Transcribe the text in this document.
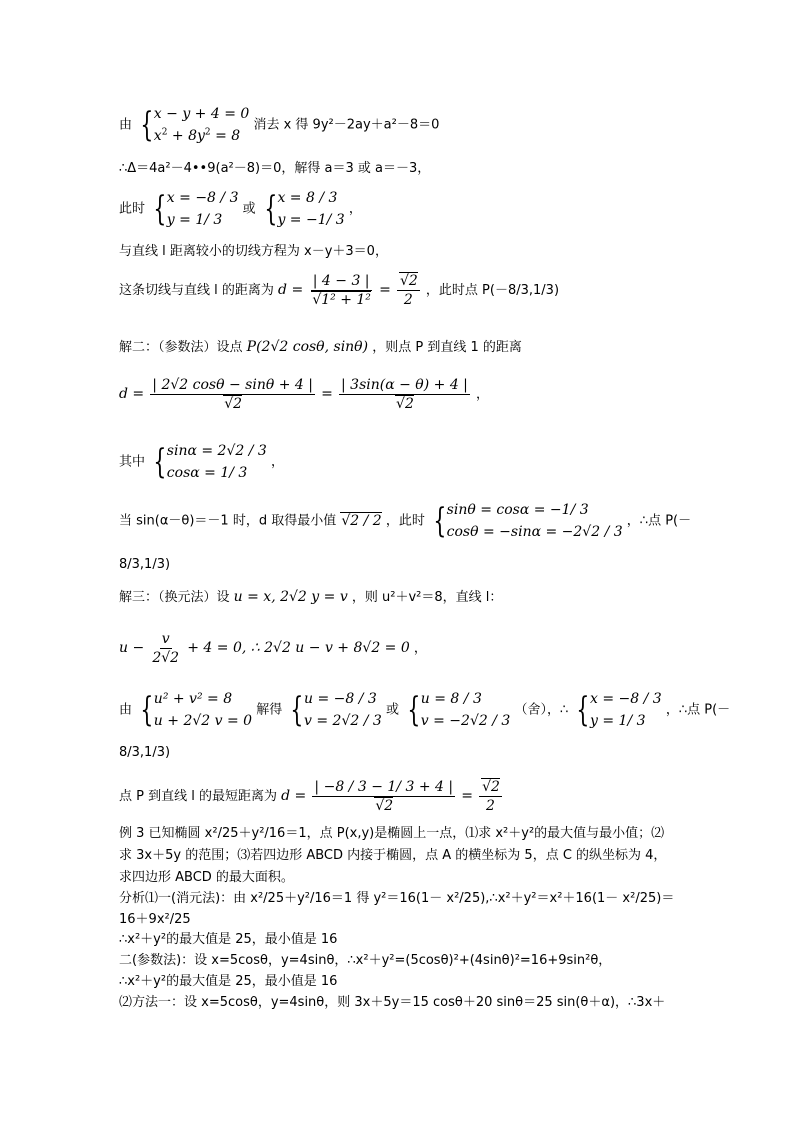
由 { x − y + 4 = 0
$x^2 + 8y^2 = 8$
消去 x 得 9y²－2ay＋a²－8＝0
∴Δ＝4a²－4••9(a²－8)＝0，解得 a＝3 或 a＝－3，
此时 { x = −8 / 3
y = 1/ 3
或 { x = 8 / 3
y = −1/ 3
，
与直线 l 距离较小的切线方程为 x－y＋3＝0，
这条切线与直线 l 的距离为 d = | 4 − 3 |
√ 1² + 1² = √ $\frac{2}{2}$ ，此时点 P(－8/3,1/3)
解二：（参数法）设点 P(2√2 cosθ, sinθ) ，则点 P 到直线 1 的距离
d = | 2√2 cosθ − sinθ + 4 |
√ 2 = | 3sin(α − θ) + 4 |
√ 2 ，
其中 { sinα = 2√2 / 3
cosα = 1/ 3
，
当 sin(α－θ)＝－1 时，d 取得最小值 √ 2 / 2 ，此时 { sinθ = cosα = −1/ 3
cosθ = −sinα = −2√2 / 3
，∴点 P(－
8/3,1/3)
解三：（换元法）设 u = x, 2√2 y = v ，则 u²＋v²＝8，直线 l：
$u - \frac{v}{2√2} + 4 = 0$, ∴ 2√2 u − v + 8√2 = 0 ，
由 { u² + v² = 8
u + 2√2 v = 0
解得 { u = −8 / 3
v = 2√2 / 3
或 { u = 8 / 3
v = −2√2 / 3
（舍），∴ { x = −8 / 3
y = 1/ 3
，∴点 P(－
8/3,1/3)
点 P 到直线 l 的最短距离为 d = | −8 / 3 − 1/ 3 + 4 |
√ 2 = √ $\frac{2}{2}$
例 3 已知椭圆 x²/25＋y²/16＝1，点 P(x,y)是椭圆上一点，⑴求 x²＋y²的最大值与最小值；⑵
求 3x＋5y 的范围；⑶若四边形 ABCD 内接于椭圆，点 A 的横坐标为 5，点 C 的纵坐标为 4，
求四边形 ABCD 的最大面积。
分析⑴一(消元法)：由 x²/25＋y²/16＝1 得 y²＝16(1－ x²/25),∴x²＋y²＝x²＋16(1－ x²/25)＝
16＋9x²/25
∴x²＋y²的最大值是 25，最小值是 16
二(参数法)：设 x=5cosθ，y=4sinθ，∴x²＋y²=(5cosθ)²+(4sinθ)²=16+9sin²θ，
∴x²＋y²的最大值是 25，最小值是 16
⑵方法一：设 x=5cosθ，y=4sinθ，则 3x＋5y＝15 cosθ＋20 sinθ＝25 sin(θ＋α)，∴3x＋
